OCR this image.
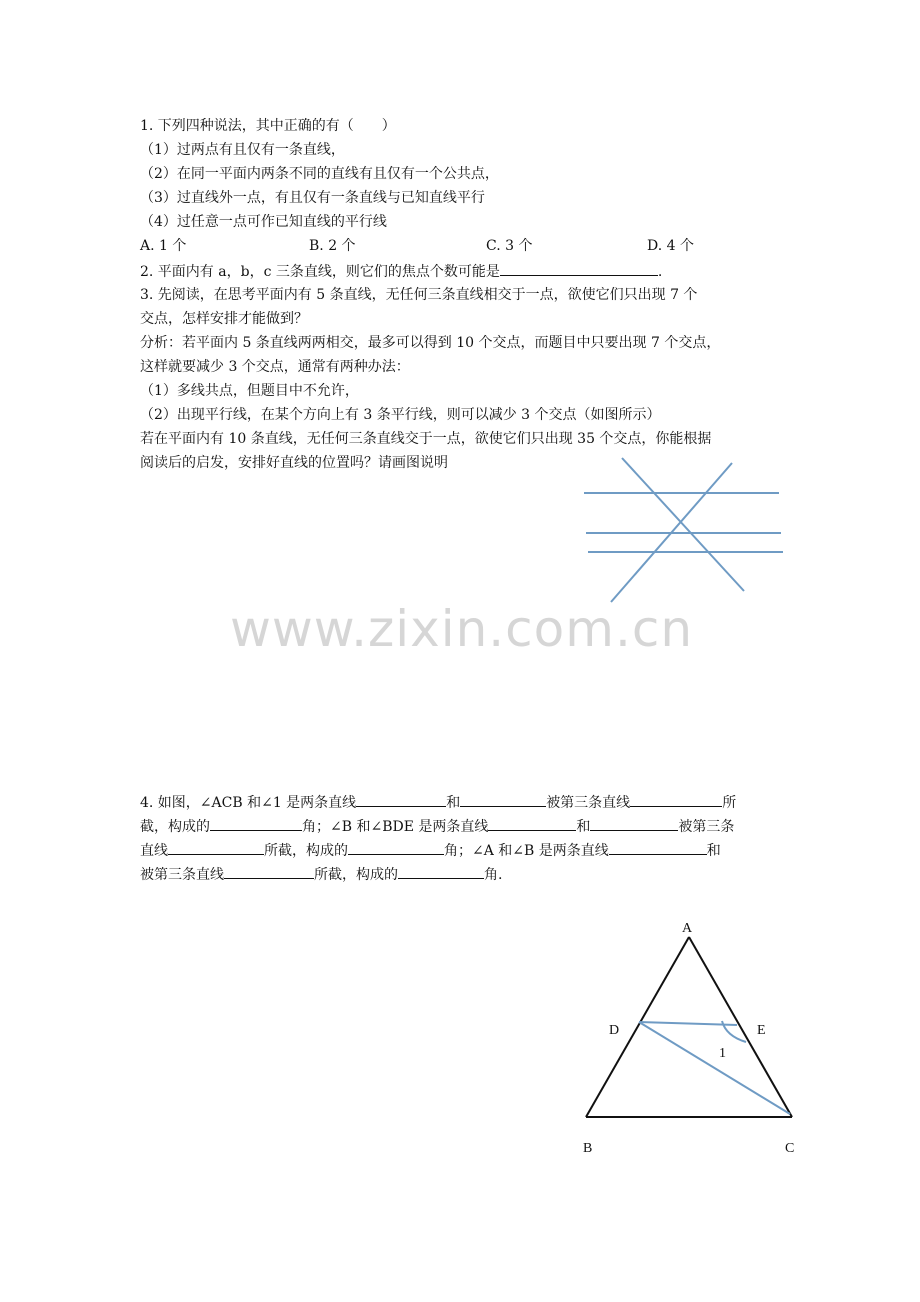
1. 下列四种说法，其中正确的有（　　）
（1）过两点有且仅有一条直线，
（2）在同一平面内两条不同的直线有且仅有一个公共点，
（3）过直线外一点，有且仅有一条直线与已知直线平行
（4）过任意一点可作已知直线的平行线
A. 1 个	B. 2 个	C. 3 个	D. 4 个
2. 平面内有 a，b，c 三条直线，则它们的焦点个数可能是	.
3. 先阅读，在思考平面内有 5 条直线，无任何三条直线相交于一点，欲使它们只出现 7 个
交点，怎样安排才能做到？
分析：若平面内 5 条直线两两相交，最多可以得到 10 个交点，而题目中只要出现 7 个交点，
这样就要减少 3 个交点，通常有两种办法：
（1）多线共点，但题目中不允许，
（2）出现平行线，在某个方向上有 3 条平行线，则可以减少 3 个交点（如图所示）
若在平面内有 10 条直线，无任何三条直线交于一点，欲使它们只出现 35 个交点，你能根据
阅读后的启发，安排好直线的位置吗？请画图说明
www.zixin.com.cn
4. 如图，∠ACB 和∠1 是两条直线	和	被第三条直线	所
截，构成的	角；∠B 和∠BDE 是两条直线	和	被第三条
直线	所截，构成的	角；∠A 和∠B 是两条直线	和
被第三条直线	所截，构成的	角.
A
D	E
1
B	C
